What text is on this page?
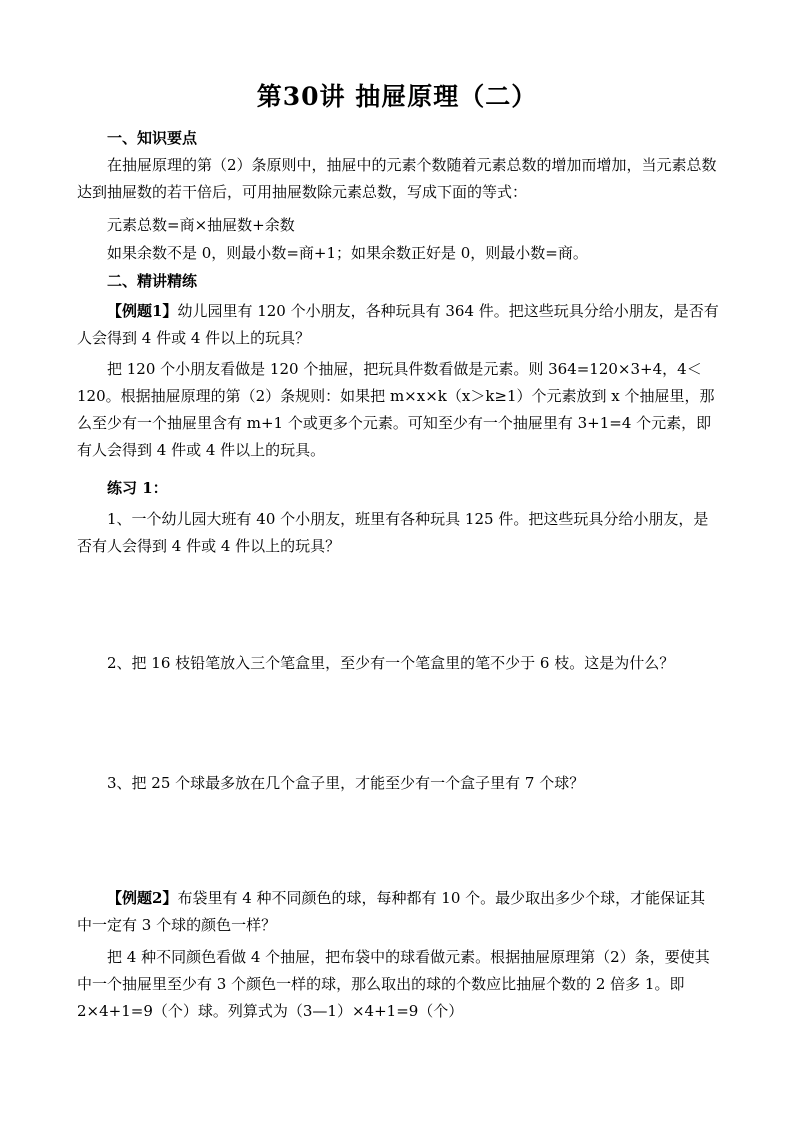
第30讲 抽屉原理（二）
一、知识要点

在抽屉原理的第（2）条原则中，抽屉中的元素个数随着元素总数的增加而增加，当元素总数达到抽屉数的若干倍后，可用抽屉数除元素总数，写成下面的等式：

元素总数=商×抽屉数+余数

如果余数不是 0，则最小数=商+1；如果余数正好是 0，则最小数=商。

二、精讲精练

【例题1】幼儿园里有 120 个小朋友，各种玩具有 364 件。把这些玩具分给小朋友，是否有人会得到 4 件或 4 件以上的玩具？

把 120 个小朋友看做是 120 个抽屉，把玩具件数看做是元素。则 364=120×3+4，4＜120。根据抽屉原理的第（2）条规则：如果把 m×x×k（x＞k≥1）个元素放到 x 个抽屉里，那么至少有一个抽屉里含有 m+1 个或更多个元素。可知至少有一个抽屉里有 3+1=4 个元素，即有人会得到 4 件或 4 件以上的玩具。

练习 1：

1、一个幼儿园大班有 40 个小朋友，班里有各种玩具 125 件。把这些玩具分给小朋友，是否有人会得到 4 件或 4 件以上的玩具？

2、把 16 枝铅笔放入三个笔盒里，至少有一个笔盒里的笔不少于 6 枝。这是为什么？

3、把 25 个球最多放在几个盒子里，才能至少有一个盒子里有 7 个球？

【例题2】布袋里有 4 种不同颜色的球，每种都有 10 个。最少取出多少个球，才能保证其中一定有 3 个球的颜色一样？

把 4 种不同颜色看做 4 个抽屉，把布袋中的球看做元素。根据抽屉原理第（2）条，要使其中一个抽屉里至少有 3 个颜色一样的球，那么取出的球的个数应比抽屉个数的 2 倍多 1。即 2×4+1=9（个）球。列算式为（3—1）×4+1=9（个）
